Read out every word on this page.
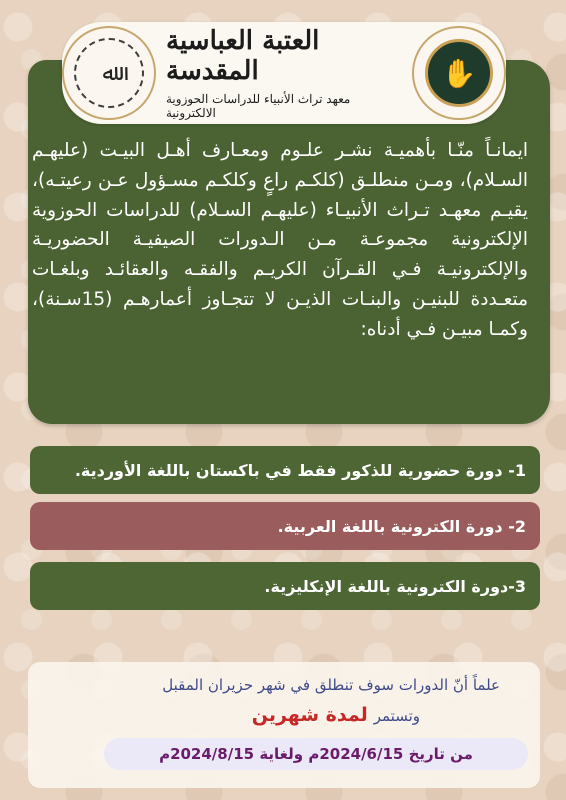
ﷲ
العتبة العباسية المقدسة
معهد تراث الأنبياء للدراسات الحوزوية الالكترونية
✋
ايمانـاً منّـا بأهميـة نشـر علـوم ومعـارف أهـل البيـت (عليهـم السـلام)، ومـن منطلـق (كلكـم راعٍ وكلكـم مسـؤول عـن رعيتـه)، يقيـم معهـد تـراث الأنبيـاء (عليهـم السـلام) للدراسات الحوزوية الإلكترونية مجموعـة مـن الـدورات الصيفيـة الحضوريـة والإلكترونيـة فـي القـرآن الكريـم والفقـه والعقائـد وبلغـات متعـددة للبنيـن والبنـات الذيـن لا تتجـاوز أعمارهـم (15سـنة)، وكمـا مبيـن فـي أدناه:
1- دورة حضورية للذكور فقط في باكستان باللغة الأوردية.
2- دورة الكترونية باللغة العربية.
3-دورة الكترونية باللغة الإنكليزية.
علماً أنّ الدورات سوف تنطلق في شهر حزيران المقبل
وتستمر
لمدة شهرين
من تاريخ 2024/6/15م ولغاية 2024/8/15م
